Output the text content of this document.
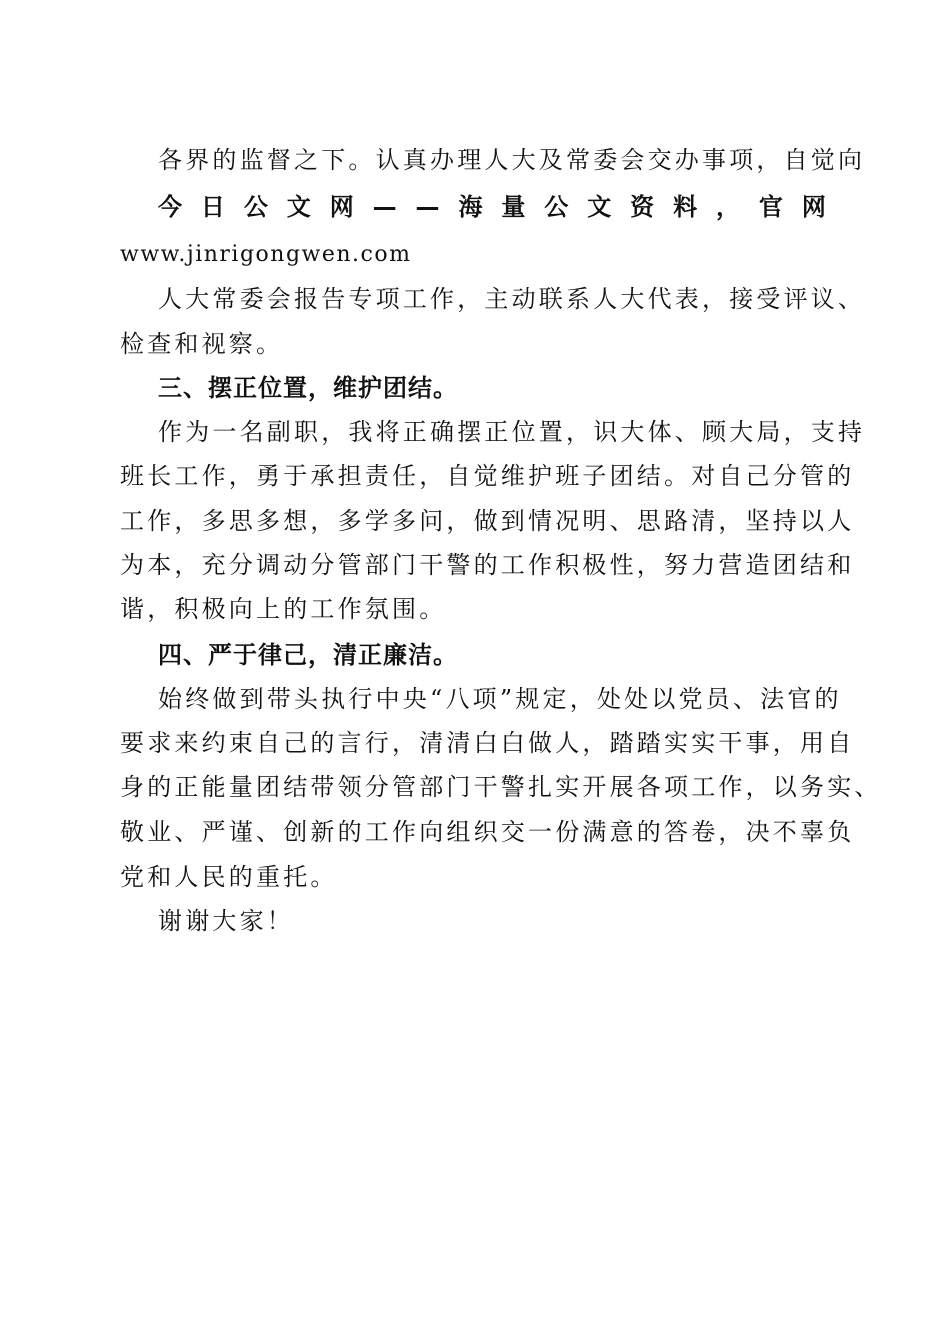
各界的监督之下。认真办理人大及常委会交办事项，自觉向
今 日 公 文 网 — — 海 量 公 文 资 料 ， 官 网
www.jinrigongwen.com
人大常委会报告专项工作，主动联系人大代表，接受评议、
检查和视察。
三、摆正位置，维护团结。
作为一名副职，我将正确摆正位置，识大体、顾大局，支持
班长工作，勇于承担责任，自觉维护班子团结。对自己分管的
工作，多思多想，多学多问，做到情况明、思路清，坚持以人
为本，充分调动分管部门干警的工作积极性，努力营造团结和
谐，积极向上的工作氛围。
四、严于律己，清正廉洁。
始终做到带头执行中央“八项”规定，处处以党员、法官的
要求来约束自己的言行，清清白白做人，踏踏实实干事，用自
身的正能量团结带领分管部门干警扎实开展各项工作，以务实、
敬业、严谨、创新的工作向组织交一份满意的答卷，决不辜负
党和人民的重托。
谢谢大家！
